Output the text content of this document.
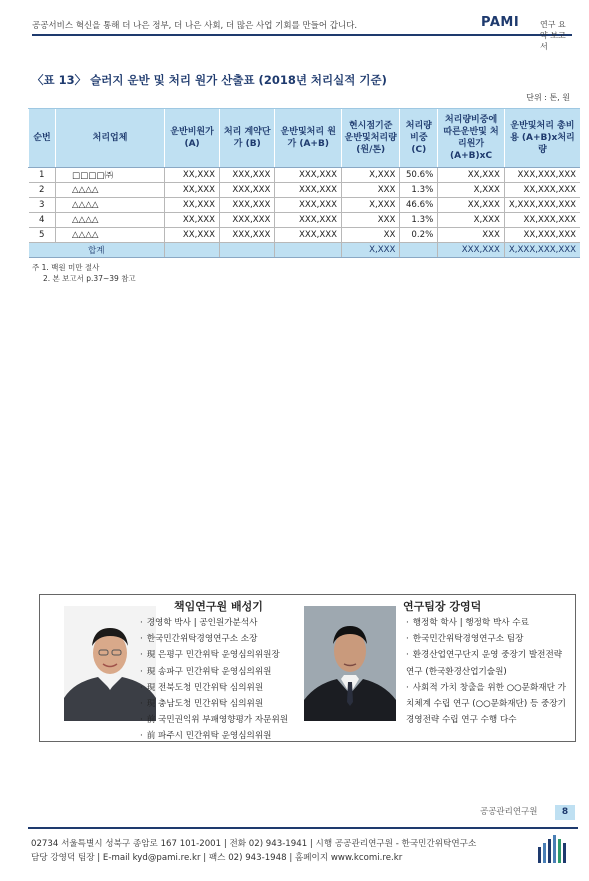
공공서비스 혁신을 통해 더 나은 정부, 더 나은 사회, 더 많은 사업 기회를 만들어 갑니다.	PAMI	연구 요약 보고서
〈표 13〉 슬러지 운반 및 처리 원가 산출표 (2018년 처리실적 기준)
단위 : 톤, 원
순번	처리업체	운반비원가 (A)	처리 계약단가 (B)	운반및처리 원가 (A+B)	현시점기준 운반및처리량 (원/톤)	처리량 비중 (C)	처리량비중에 따른운반및 처리원가 (A+B)xC	운반및처리 총비용 (A+B)x처리량
1	□□□□㈜	XX,XXX	XXX,XXX	XXX,XXX	X,XXX	50.6%	XX,XXX	XXX,XXX,XXX
2	△△△△	XX,XXX	XXX,XXX	XXX,XXX	XXX	1.3%	X,XXX	XX,XXX,XXX
3	△△△△	XX,XXX	XXX,XXX	XXX,XXX	X,XXX	46.6%	XX,XXX	X,XXX,XXX,XXX
4	△△△△	XX,XXX	XXX,XXX	XXX,XXX	XXX	1.3%	X,XXX	XX,XXX,XXX
5	△△△△	XX,XXX	XXX,XXX	XXX,XXX	XX	0.2%	XXX	XX,XXX,XXX
합계					X,XXX		XXX,XXX	X,XXX,XXX,XXX
주 1. 백원 미만 절사
2. 본 보고서 p.37~39 참고
책임연구원 배성기
· 경영학 박사 | 공인원가분석사
· 한국민간위탁경영연구소 소장
· 現 은평구 민간위탁 운영심의위원장
· 現 송파구 민간위탁 운영심의위원
· 現 전북도청 민간위탁 심의위원
· 現 충남도청 민간위탁 심의위원
· 前 국민권익위 부패영향평가 자문위원
· 前 파주시 민간위탁 운영심의위원
연구팀장 강영덕
· 행정학 학사 | 행정학 박사 수료
· 한국민간위탁경영연구소 팀장
· 환경산업연구단지 운영 중장기 발전전략 연구 (한국환경산업기술원)
· 사회적 가치 창출을 위한 ○○문화재단 가치체계 수립 연구 (○○문화재단) 등 중장기 경영전략 수립 연구 수행 다수
공공관리연구원	8
02734 서울특별시 성북구 종암로 167 101-2001 | 전화 02) 943-1941 | 시행 공공관리연구원 - 한국민간위탁연구소
담당 강영덕 팀장 | E-mail kyd@pami.re.kr | 팩스 02) 943-1948 | 홈페이지 www.kcomi.re.kr
